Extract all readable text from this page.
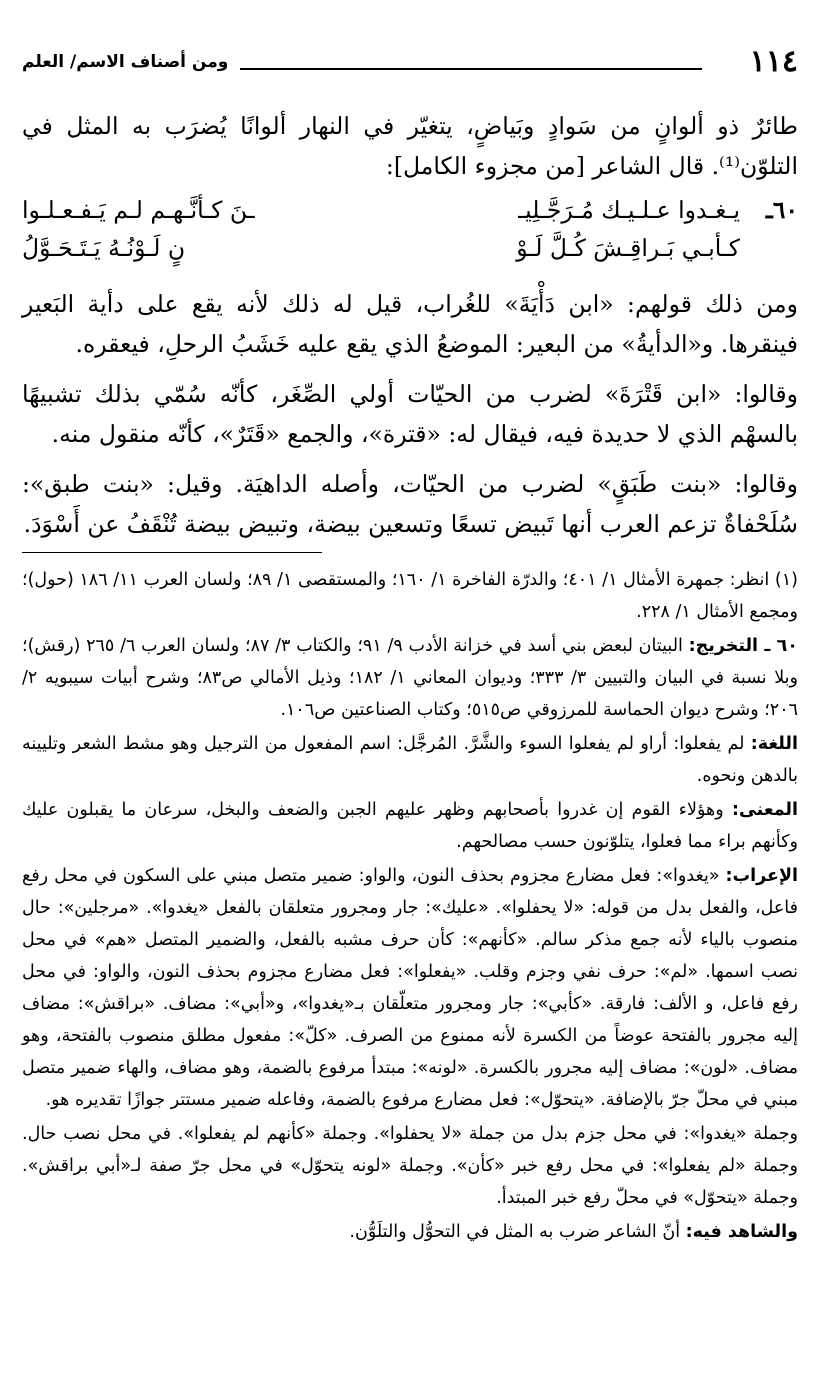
١١٤
ومن أصناف الاسم/ العلم

طائرٌ ذو ألوانٍ من سَوادٍ وبَياضٍ، يتغيّر في النهار ألوانًا يُضرَب به المثل في التلوّن⁽¹⁾. قال الشاعر [من مجزوء الكامل]:

٦٠ـ
يـغـدوا عـلـيـك مُـرَجَّـلِيـ
ـنَ كـأنَّـهـم لـم يَـفـعـلـوا
كـأبـي بَـراقِـشَ كُـلَّ لَـوْ
نٍ لَـوْنُـهُ يَـتَـحَـوَّلُ

ومن ذلك قولهم: «ابن دَأْيَةَ» للغُراب، قيل له ذلك لأنه يقع على دأية البَعير فينقرها. و«الدأيةُ» من البعير: الموضعُ الذي يقع عليه خَشَبُ الرحلِ، فيعقره.

وقالوا: «ابن قَتْرَةَ» لضرب من الحيّات أولي الصِّغَر، كأنّه سُمّي بذلك تشبيهًا بالسهْم الذي لا حديدة فيه، فيقال له: «قترة»، والجمع «قَتَرٌ»، كأنّه منقول منه.

وقالوا: «بنت طَبَقٍ» لضرب من الحيّات، وأصله الداهيَة. وقيل: «بنت طبق»: سُلَحْفاةٌ تزعم العرب أنها تَبيض تسعًا وتسعين بيضة، وتبيض بيضة تُنْقَفُ عن أَسْوَدَ.

(١) انظر: جمهرة الأمثال ١/ ٤٠١؛ والدرّة الفاخرة ١/ ١٦٠؛ والمستقصى ١/ ٨٩؛ ولسان العرب ١١/ ١٨٦ (حول)؛ ومجمع الأمثال ١/ ٢٢٨.

٦٠ ـ التخريج: البيتان لبعض بني أسد في خزانة الأدب ٩/ ٩١؛ والكتاب ٣/ ٨٧؛ ولسان العرب ٦/ ٢٦٥ (رقش)؛ وبلا نسبة في البيان والتبيين ٣/ ٣٣٣؛ وديوان المعاني ١/ ١٨٢؛ وذيل الأمالي ص٨٣؛ وشرح أبيات سيبويه ٢/ ٢٠٦؛ وشرح ديوان الحماسة للمرزوقي ص٥١٥؛ وكتاب الصناعتين ص١٠٦.

اللغة: لم يفعلوا: أراو لم يفعلوا السوء والشَّرَّ. المُرجَّل: اسم المفعول من الترجيل وهو مشط الشعر وتليينه بالدهن ونحوه.

المعنى: وهؤلاء القوم إن غدروا بأصحابهم وظهر عليهم الجبن والضعف والبخل، سرعان ما يقبلون عليك وكأنهم براء مما فعلوا، يتلوّنون حسب مصالحهم.

الإعراب: «يغدوا»: فعل مضارع مجزوم بحذف النون، والواو: ضمير متصل مبني على السكون في محل رفع فاعل، والفعل بدل من قوله: «لا يحفلوا». «عليك»: جار ومجرور متعلقان بالفعل «يغدوا». «مرجلين»: حال منصوب بالياء لأنه جمع مذكر سالم. «كأنهم»: كأن حرف مشبه بالفعل، والضمير المتصل «هم» في محل نصب اسمها. «لم»: حرف نفي وجزم وقلب. «يفعلوا»: فعل مضارع مجزوم بحذف النون، والواو: في محل رفع فاعل، و الألف: فارقة. «كأبي»: جار ومجرور متعلّقان بـ«يغدوا»، و«أبي»: مضاف. «براقش»: مضاف إليه مجرور بالفتحة عوضاً من الكسرة لأنه ممنوع من الصرف. «كلّ»: مفعول مطلق منصوب بالفتحة، وهو مضاف. «لون»: مضاف إليه مجرور بالكسرة. «لونه»: مبتدأ مرفوع بالضمة، وهو مضاف، والهاء ضمير متصل مبني في محلّ جرّ بالإضافة. «يتحوّل»: فعل مضارع مرفوع بالضمة، وفاعله ضمير مستتر جوازًا تقديره هو.

وجملة «يغدوا»: في محل جزم بدل من جملة «لا يحفلوا». وجملة «كأنهم لم يفعلوا». في محل نصب حال. وجملة «لم يفعلوا»: في محل رفع خبر «كأن». وجملة «لونه يتحوّل» في محل جرّ صفة لـ«أبي براقش». وجملة «يتحوّل» في محلّ رفع خبر المبتدأ.

والشاهد فيه: أنّ الشاعر ضرب به المثل في التحوُّل والتلَوُّن.
